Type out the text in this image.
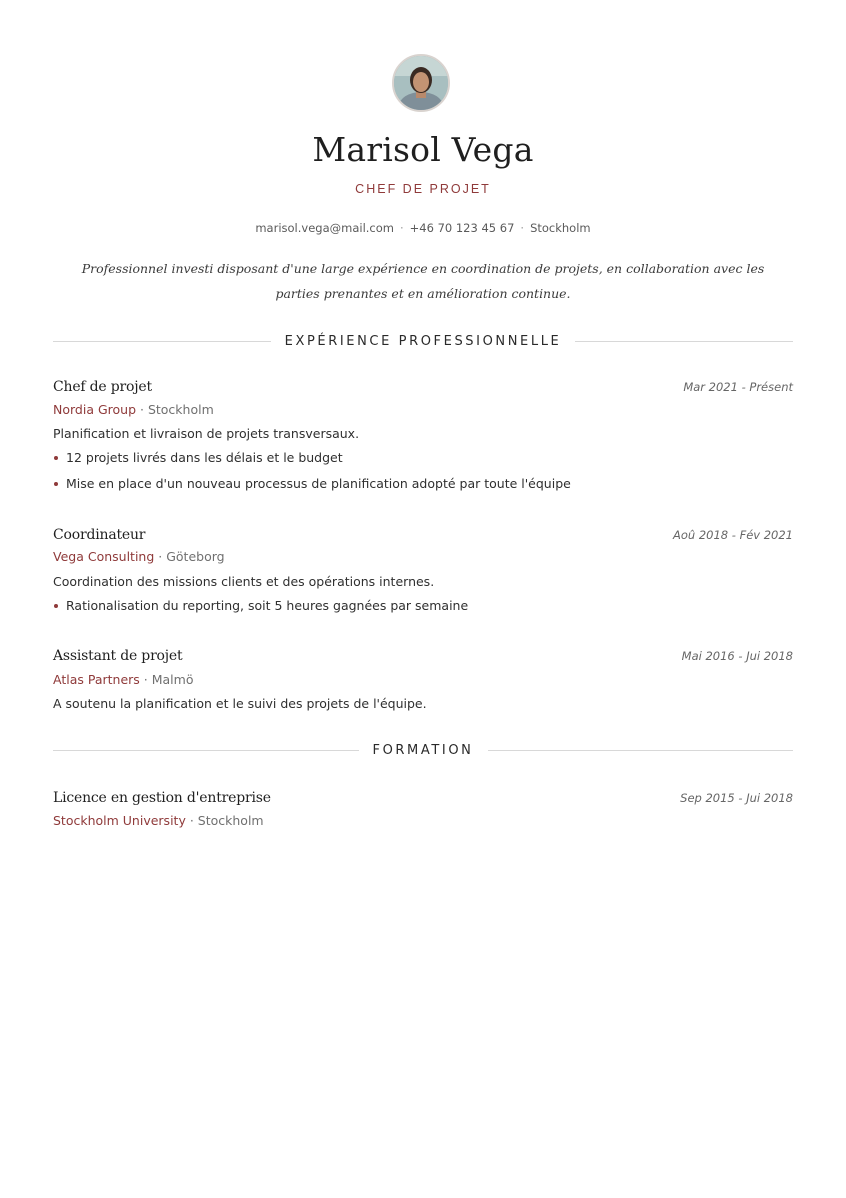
Marisol Vega
CHEF DE PROJET
marisol.vega@mail.com · +46 70 123 45 67 · Stockholm
Professionnel investi disposant d'une large expérience en coordination de projets, en collaboration avec les parties prenantes et en amélioration continue.
EXPÉRIENCE PROFESSIONNELLE
Chef de projet	Mar 2021 - Présent
Nordia Group · Stockholm
Planification et livraison de projets transversaux.
12 projets livrés dans les délais et le budget
Mise en place d'un nouveau processus de planification adopté par toute l'équipe
Coordinateur	Aoû 2018 - Fév 2021
Vega Consulting · Göteborg
Coordination des missions clients et des opérations internes.
Rationalisation du reporting, soit 5 heures gagnées par semaine
Assistant de projet	Mai 2016 - Jui 2018
Atlas Partners · Malmö
A soutenu la planification et le suivi des projets de l'équipe.
FORMATION
Licence en gestion d'entreprise	Sep 2015 - Jui 2018
Stockholm University · Stockholm
